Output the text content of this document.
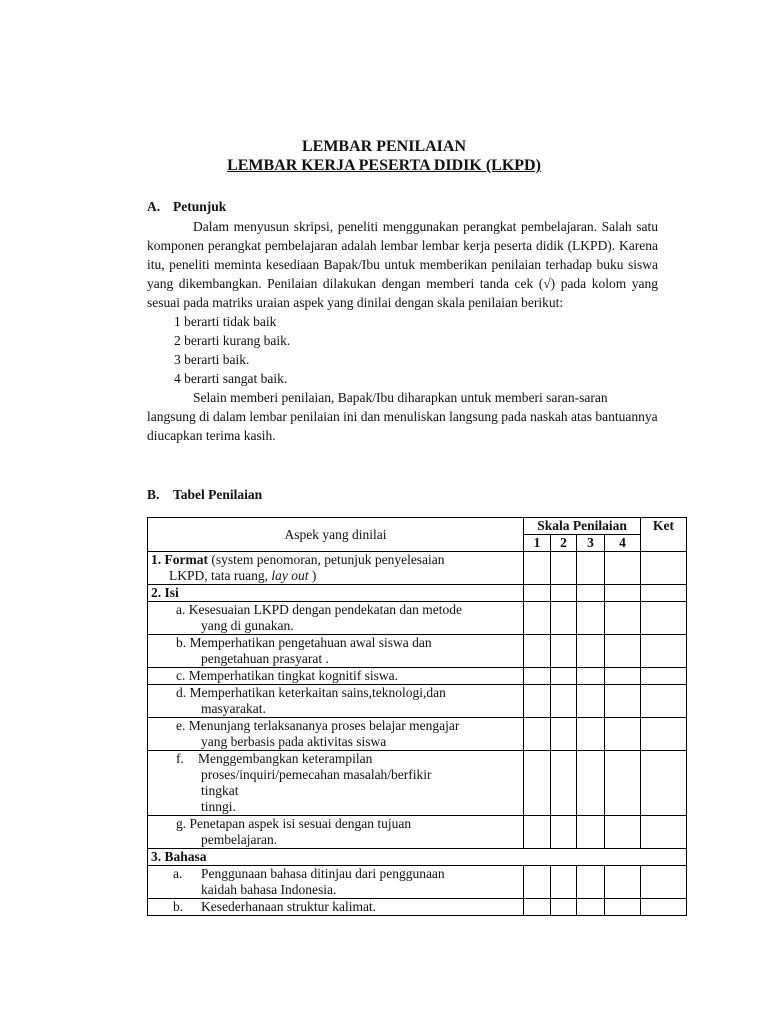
LEMBAR PENILAIAN
LEMBAR KERJA PESERTA DIDIK (LKPD)
A. Petunjuk

Dalam menyusun skripsi, peneliti menggunakan perangkat pembelajaran. Salah satu komponen perangkat pembelajaran adalah lembar lembar kerja peserta didik (LKPD). Karena itu, peneliti meminta kesediaan Bapak/Ibu untuk memberikan penilaian terhadap buku siswa yang dikembangkan. Penilaian dilakukan dengan memberi tanda cek (√) pada kolom yang sesuai pada matriks uraian aspek yang dinilai dengan skala penilaian berikut:

1 berarti tidak baik

2 berarti kurang baik.

3 berarti baik.

4 berarti sangat baik.

Selain memberi penilaian, Bapak/Ibu diharapkan untuk memberi saran-saran langsung di dalam lembar penilaian ini dan menuliskan langsung pada naskah atas bantuannya diucapkan terima kasih.

B. Tabel Penilaian
Aspek yang dinilai	Skala Penilaian				Ket
	1	2	3	4	
1. Format (system penomoran, petunjuk penyelesaian
LKPD, tata ruang, lay out )					

2. Isi					
a. Kesesuaian LKPD dengan pendekatan dan metode
yang di gunakan.					

b. Memperhatikan pengetahuan awal siswa dan
pengetahuan prasyarat .					

c. Memperhatikan tingkat kognitif siswa.					
d. Memperhatikan keterkaitan sains,teknologi,dan
masyarakat.					

e. Menunjang terlaksananya proses belajar mengajar
yang berbasis pada aktivitas siswa					

f. Menggembangkan keterampilan
proses/inquiri/pemecahan masalah/berfikir
tingkat
tinngi.					

g. Penetapan aspek isi sesuai dengan tujuan
pembelajaran.					

3. Bahasa					
a. Penggunaan bahasa ditinjau dari penggunaan
kaidah bahasa Indonesia.					

b. Kesederhanaan struktur kalimat.					
